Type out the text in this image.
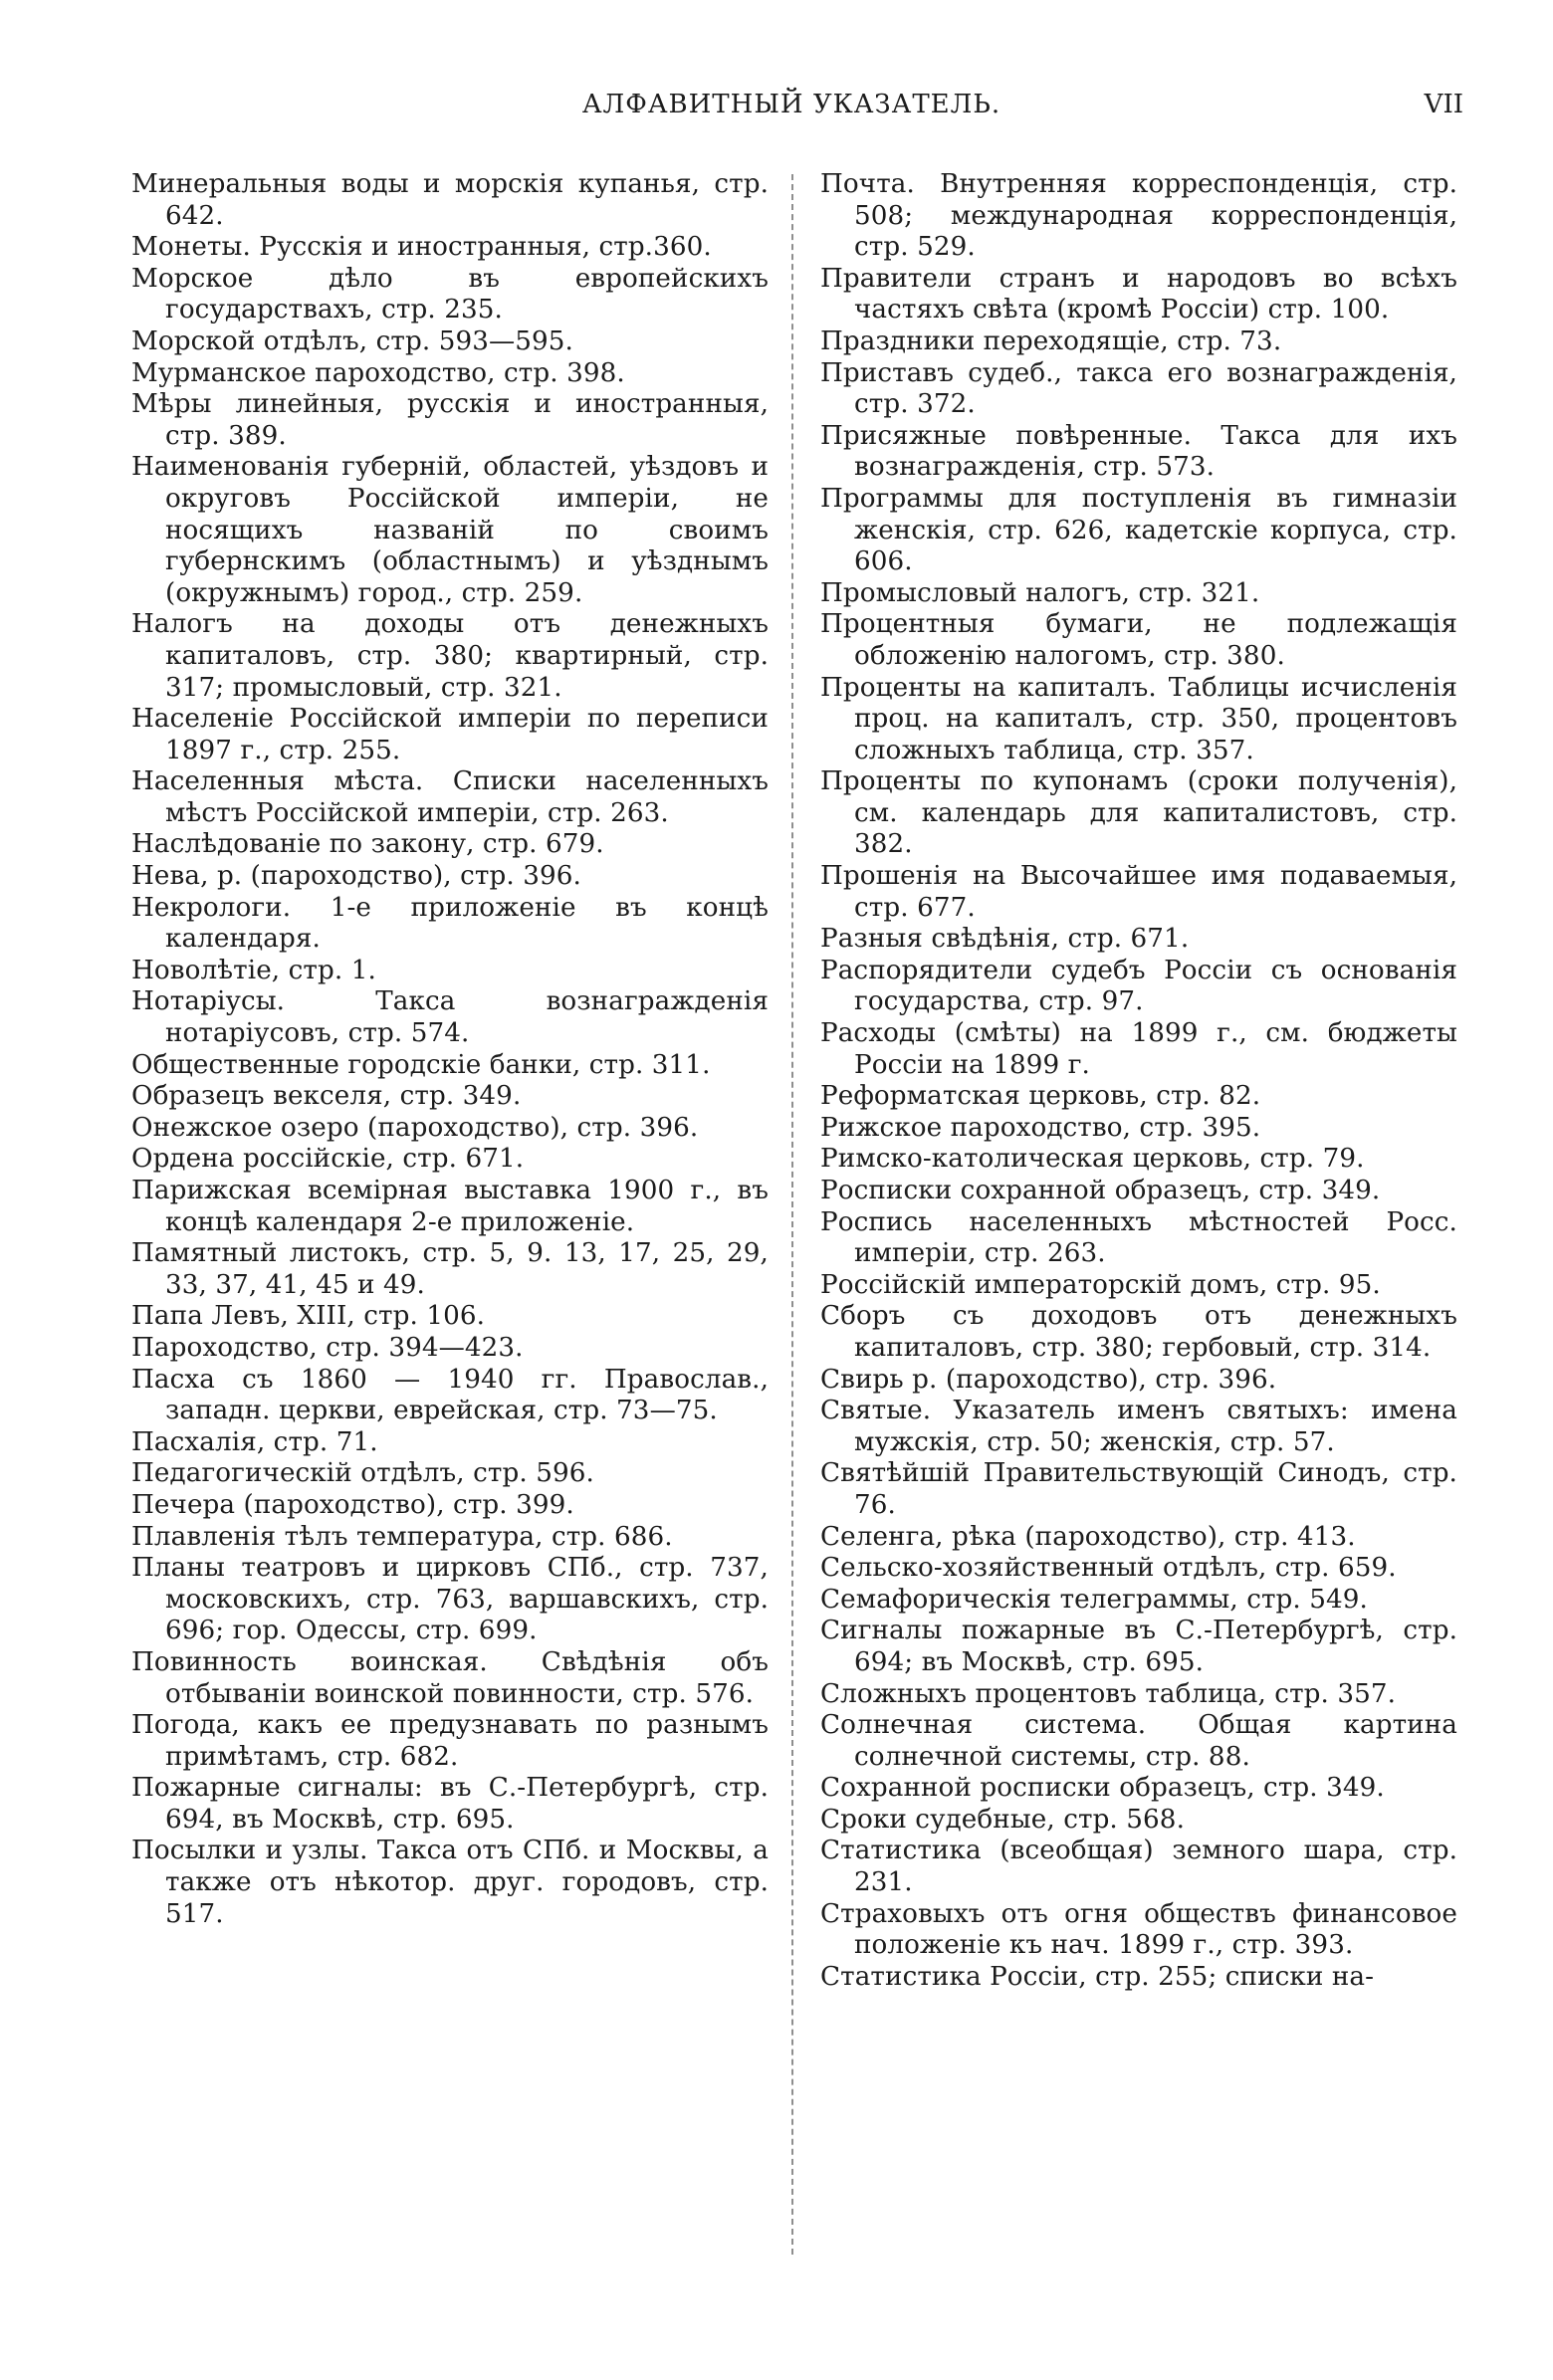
АЛФАВИТНЫЙ УКАЗАТЕЛЬ.	VII
Минеральныя воды и морскія купанья, стр. 642.
Монеты. Русскія и иностранныя, стр.360.
Морское дѣло въ европейскихъ государствахъ, стр. 235.
Морской отдѣлъ, стр. 593—595.
Мурманское пароходство, стр. 398.
Мѣры линейныя, русскія и иностранныя, стр. 389.
Наименованія губерній, областей, уѣздовъ и округовъ Россійской имперіи, не носящихъ названій по своимъ губернскимъ (областнымъ) и уѣзднымъ (окружнымъ) город., стр. 259.
Налогъ на доходы отъ денежныхъ капиталовъ, стр. 380; квартирный, стр. 317; промысловый, стр. 321.
Населеніе Россійской имперіи по переписи 1897 г., стр. 255.
Населенныя мѣста. Списки населенныхъ мѣстъ Россійской имперіи, стр. 263.
Наслѣдованіе по закону, стр. 679.
Нева, р. (пароходство), стр. 396.
Некрологи. 1-е приложеніе въ концѣ календаря.
Новолѣтіе, стр. 1.
Нотаріусы. Такса вознагражденія нотаріусовъ, стр. 574.
Общественные городскіе банки, стр. 311.
Образецъ векселя, стр. 349.
Онежское озеро (пароходство), стр. 396.
Ордена россійскіе, стр. 671.
Парижская всемірная выставка 1900 г., въ концѣ календаря 2-е приложеніе.
Памятный листокъ, стр. 5, 9. 13, 17, 25, 29, 33, 37, 41, 45 и 49.
Папа Левъ, XIII, стр. 106.
Пароходство, стр. 394—423.
Пасха съ 1860 — 1940 гг. Православ., западн. церкви, еврейская, стр. 73—75.
Пасхалія, стр. 71.
Педагогическій отдѣлъ, стр. 596.
Печера (пароходство), стр. 399.
Плавленія тѣлъ температура, стр. 686.
Планы театровъ и цирковъ СПб., стр. 737, московскихъ, стр. 763, варшавскихъ, стр. 696; гор. Одессы, стр. 699.
Повинность воинская. Свѣдѣнія объ отбываніи воинской повинности, стр. 576.
Погода, какъ ее предузнавать по разнымъ примѣтамъ, стр. 682.
Пожарные сигналы: въ С.-Петербургѣ, стр. 694, въ Москвѣ, стр. 695.
Посылки и узлы. Такса отъ СПб. и Москвы, а также отъ нѣкотор. друг. городовъ, стр. 517.
Почта. Внутренняя корреспонденція, стр. 508; международная корреспонденція, стр. 529.
Правители странъ и народовъ во всѣхъ частяхъ свѣта (кромѣ Россіи) стр. 100.
Праздники переходящіе, стр. 73.
Приставъ судеб., такса его вознагражденія, стр. 372.
Присяжные повѣренные. Такса для ихъ вознагражденія, стр. 573.
Программы для поступленія въ гимназіи женскія, стр. 626, кадетскіе корпуса, стр. 606.
Промысловый налогъ, стр. 321.
Процентныя бумаги, не подлежащія обложенію налогомъ, стр. 380.
Проценты на капиталъ. Таблицы исчисленія проц. на капиталъ, стр. 350, процентовъ сложныхъ таблица, стр. 357.
Проценты по купонамъ (сроки полученія), см. календарь для капиталистовъ, стр. 382.
Прошенія на Высочайшее имя подаваемыя, стр. 677.
Разныя свѣдѣнія, стр. 671.
Распорядители судебъ Россіи съ основанія государства, стр. 97.
Расходы (смѣты) на 1899 г., см. бюджеты Россіи на 1899 г.
Реформатская церковь, стр. 82.
Рижское пароходство, стр. 395.
Римско-католическая церковь, стр. 79.
Росписки сохранной образецъ, стр. 349.
Роспись населенныхъ мѣстностей Росс. имперіи, стр. 263.
Россійскій императорскій домъ, стр. 95.
Сборъ съ доходовъ отъ денежныхъ капиталовъ, стр. 380; гербовый, стр. 314.
Свирь р. (пароходство), стр. 396.
Святые. Указатель именъ святыхъ: имена мужскія, стр. 50; женскія, стр. 57.
Святѣйшій Правительствующій Синодъ, стр. 76.
Селенга, рѣка (пароходство), стр. 413.
Сельско-хозяйственный отдѣлъ, стр. 659.
Семафорическія телеграммы, стр. 549.
Сигналы пожарные въ С.-Петербургѣ, стр. 694; въ Москвѣ, стр. 695.
Сложныхъ процентовъ таблица, стр. 357.
Солнечная система. Общая картина солнечной системы, стр. 88.
Сохранной росписки образецъ, стр. 349.
Сроки судебные, стр. 568.
Статистика (всеобщая) земного шара, стр. 231.
Страховыхъ отъ огня обществъ финансовое положеніе къ нач. 1899 г., стр. 393.
Статистика Россіи, стр. 255; списки на-
